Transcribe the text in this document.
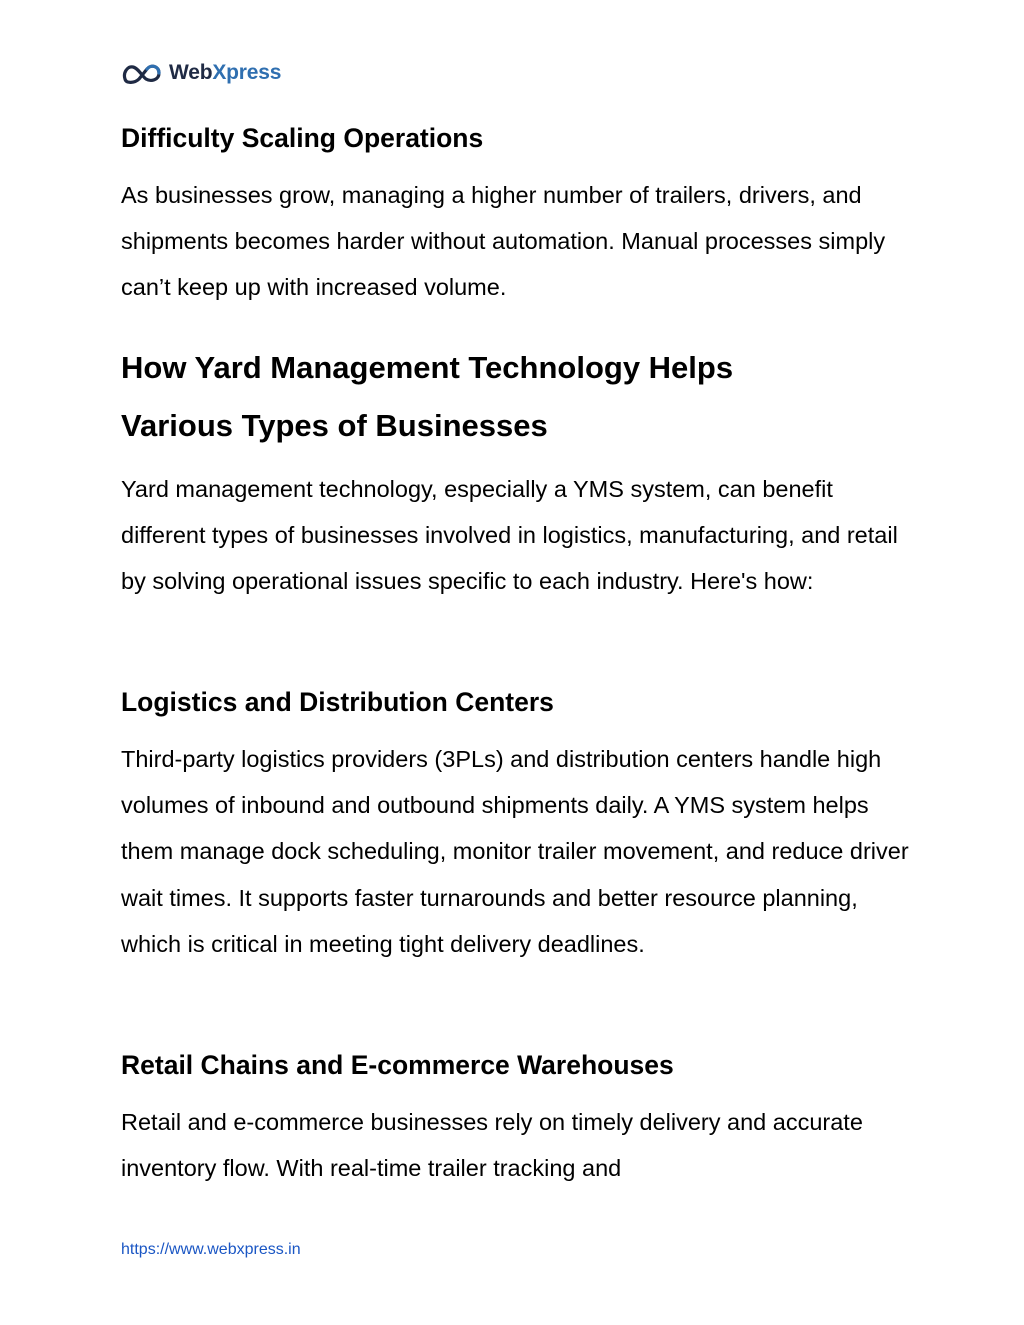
WebXpress
Difficulty Scaling Operations

As businesses grow, managing a higher number of trailers, drivers, and shipments becomes harder without automation. Manual processes simply can’t keep up with increased volume.

How Yard Management Technology Helps Various Types of Businesses

Yard management technology, especially a YMS system, can benefit different types of businesses involved in logistics, manufacturing, and retail by solving operational issues specific to each industry. Here's how:

Logistics and Distribution Centers

Third-party logistics providers (3PLs) and distribution centers handle high volumes of inbound and outbound shipments daily. A YMS system helps them manage dock scheduling, monitor trailer movement, and reduce driver wait times. It supports faster turnarounds and better resource planning, which is critical in meeting tight delivery deadlines.

Retail Chains and E-commerce Warehouses

Retail and e-commerce businesses rely on timely delivery and accurate inventory flow. With real-time trailer tracking and

https://www.webxpress.in
